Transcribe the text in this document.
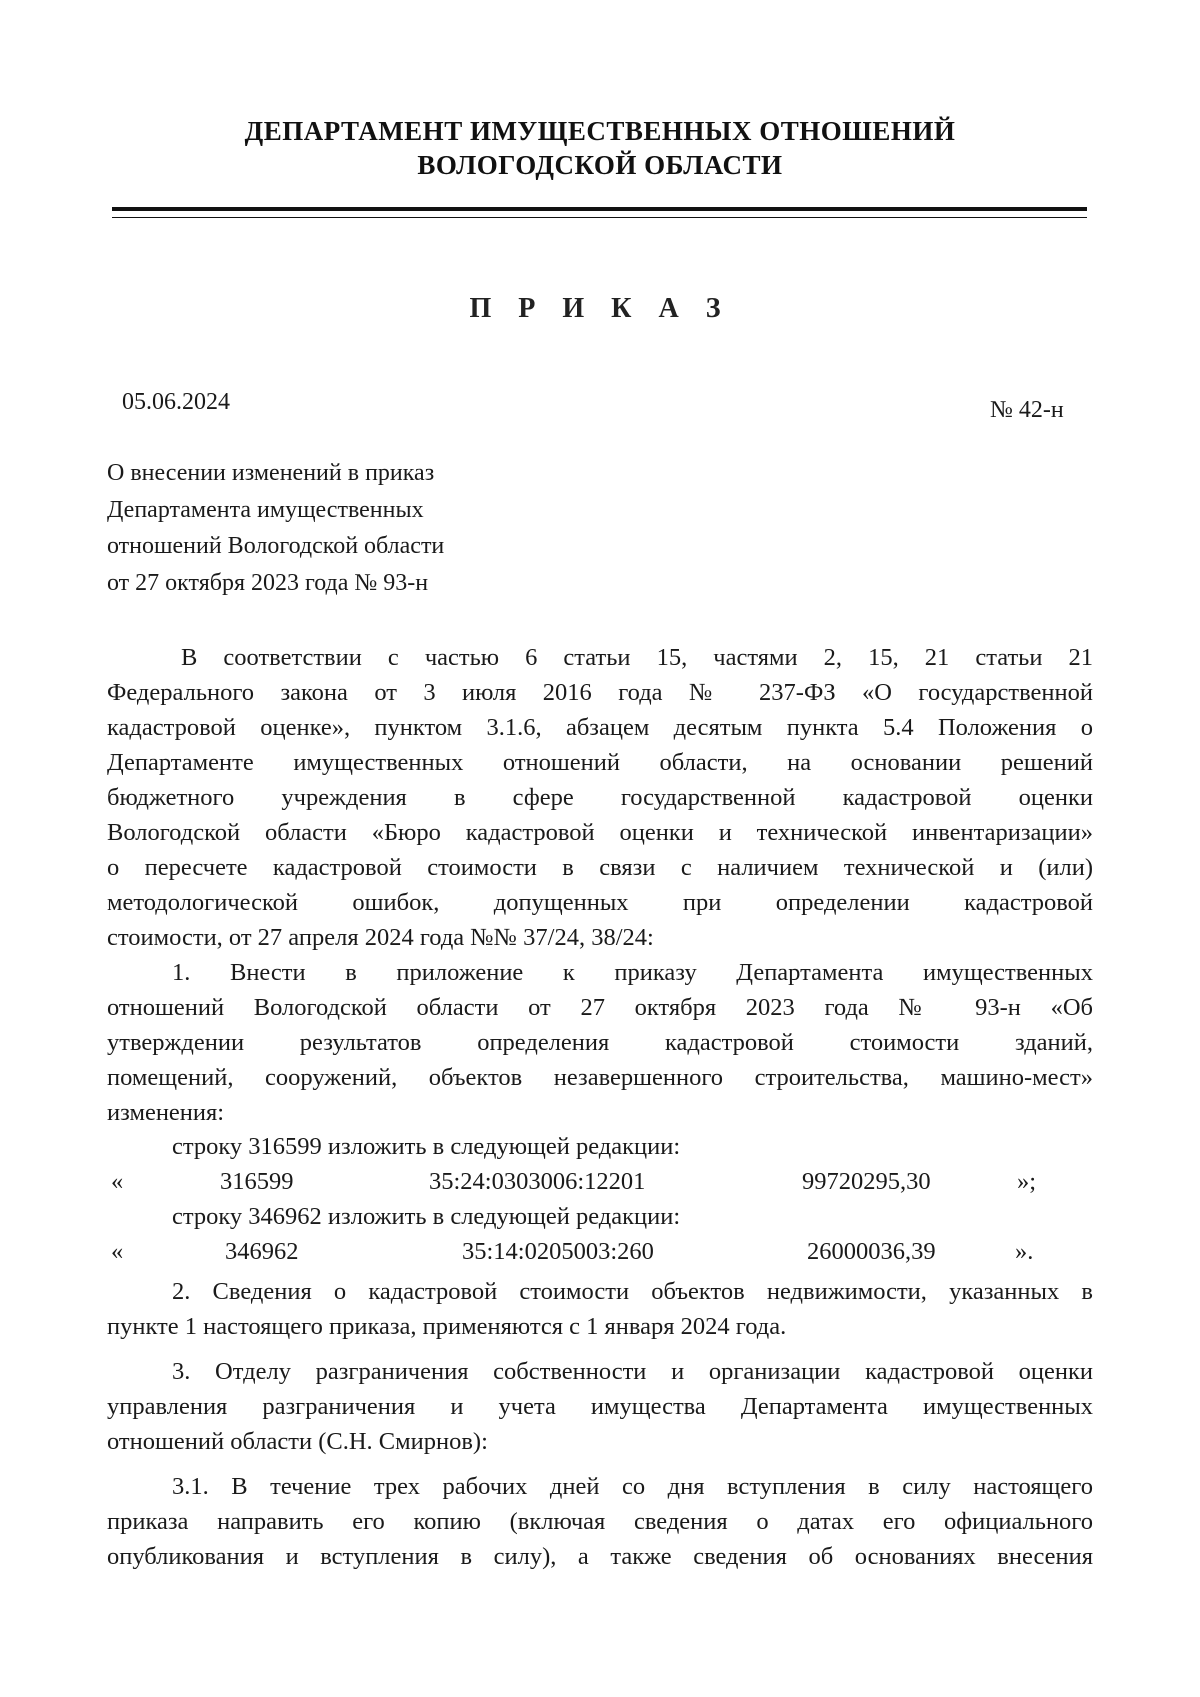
ДЕПАРТАМЕНТ ИМУЩЕСТВЕННЫХ ОТНОШЕНИЙ
ВОЛОГОДСКОЙ ОБЛАСТИ
П Р И К А З
05.06.2024	№ 42-н
О внесении изменений в приказ
Департамента имущественных
отношений Вологодской области
от 27 октября 2023 года № 93-н
В соответствии с частью 6 статьи 15, частями 2, 15, 21 статьи 21
Федерального закона от 3 июля 2016 года № 237-ФЗ «О государственной
кадастровой оценке», пунктом 3.1.6, абзацем десятым пункта 5.4 Положения о
Департаменте имущественных отношений области, на основании решений
бюджетного учреждения в сфере государственной кадастровой оценки
Вологодской области «Бюро кадастровой оценки и технической инвентаризации»
о пересчете кадастровой стоимости в связи с наличием технической и (или)
методологической ошибок, допущенных при определении кадастровой
стоимости, от 27 апреля 2024 года №№ 37/24, 38/24:
1. Внести в приложение к приказу Департамента имущественных
отношений Вологодской области от 27 октября 2023 года № 93-н «Об
утверждении результатов определения кадастровой стоимости зданий,
помещений, сооружений, объектов незавершенного строительства, машино-мест»
изменения:
строку 316599 изложить в следующей редакции:
«	316599	35:24:0303006:12201	99720295,30	»;
строку 346962 изложить в следующей редакции:
«	346962	35:14:0205003:260	26000036,39	».
2. Сведения о кадастровой стоимости объектов недвижимости, указанных в
пункте 1 настоящего приказа, применяются с 1 января 2024 года.
3. Отделу разграничения собственности и организации кадастровой оценки
управления разграничения и учета имущества Департамента имущественных
отношений области (С.Н. Смирнов):
3.1. В течение трех рабочих дней со дня вступления в силу настоящего
приказа направить его копию (включая сведения о датах его официального
опубликования и вступления в силу), а также сведения об основаниях внесения
